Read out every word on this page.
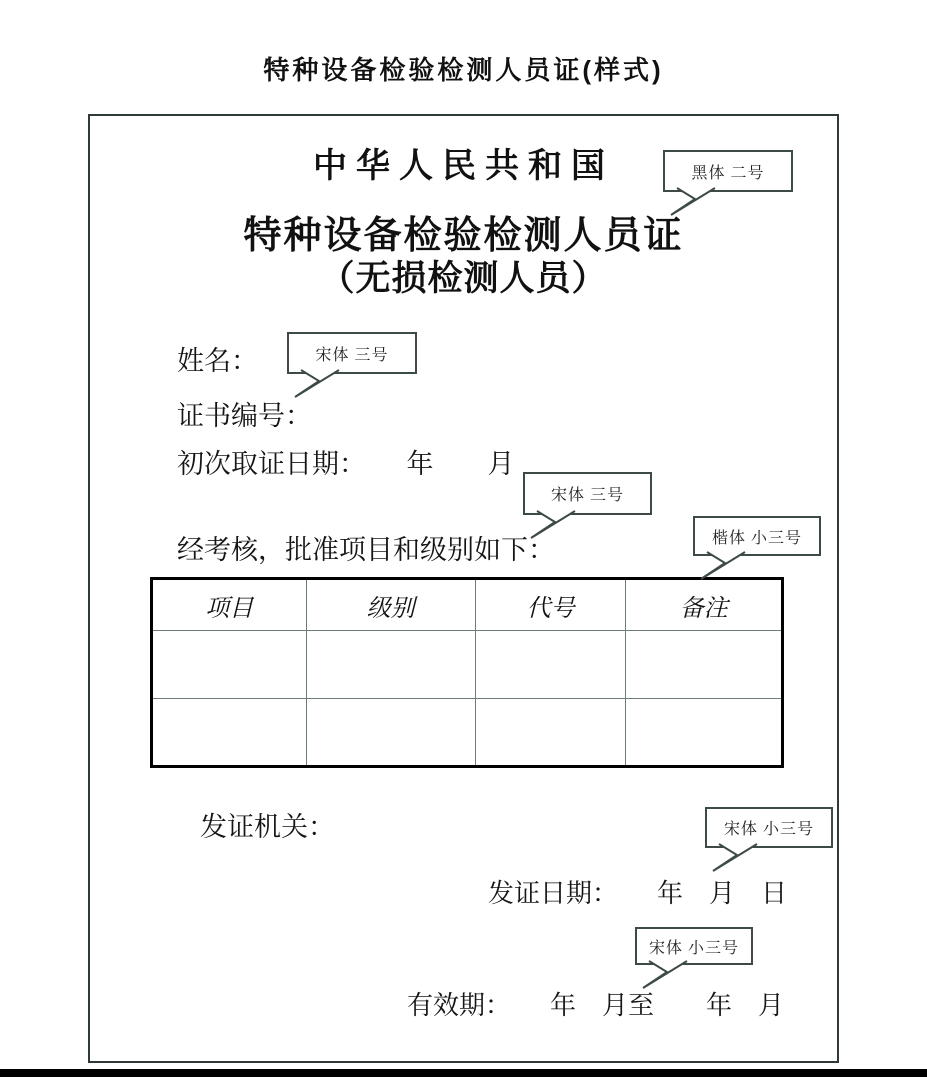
特种设备检验检测人员证(样式)
中华人民共和国
特种设备检验检测人员证
（无损检测人员）
姓名：
证书编号：
初次取证日期：　　年　　月
经考核，批准项目和级别如下：
项目	级别	代号	备注

发证机关：
发证日期：　　年　月　日
有效期：　　年　月至　　年　月
黑体 二号
宋体 三号
宋体 三号
楷体 小三号
宋体 小三号
宋体 小三号
